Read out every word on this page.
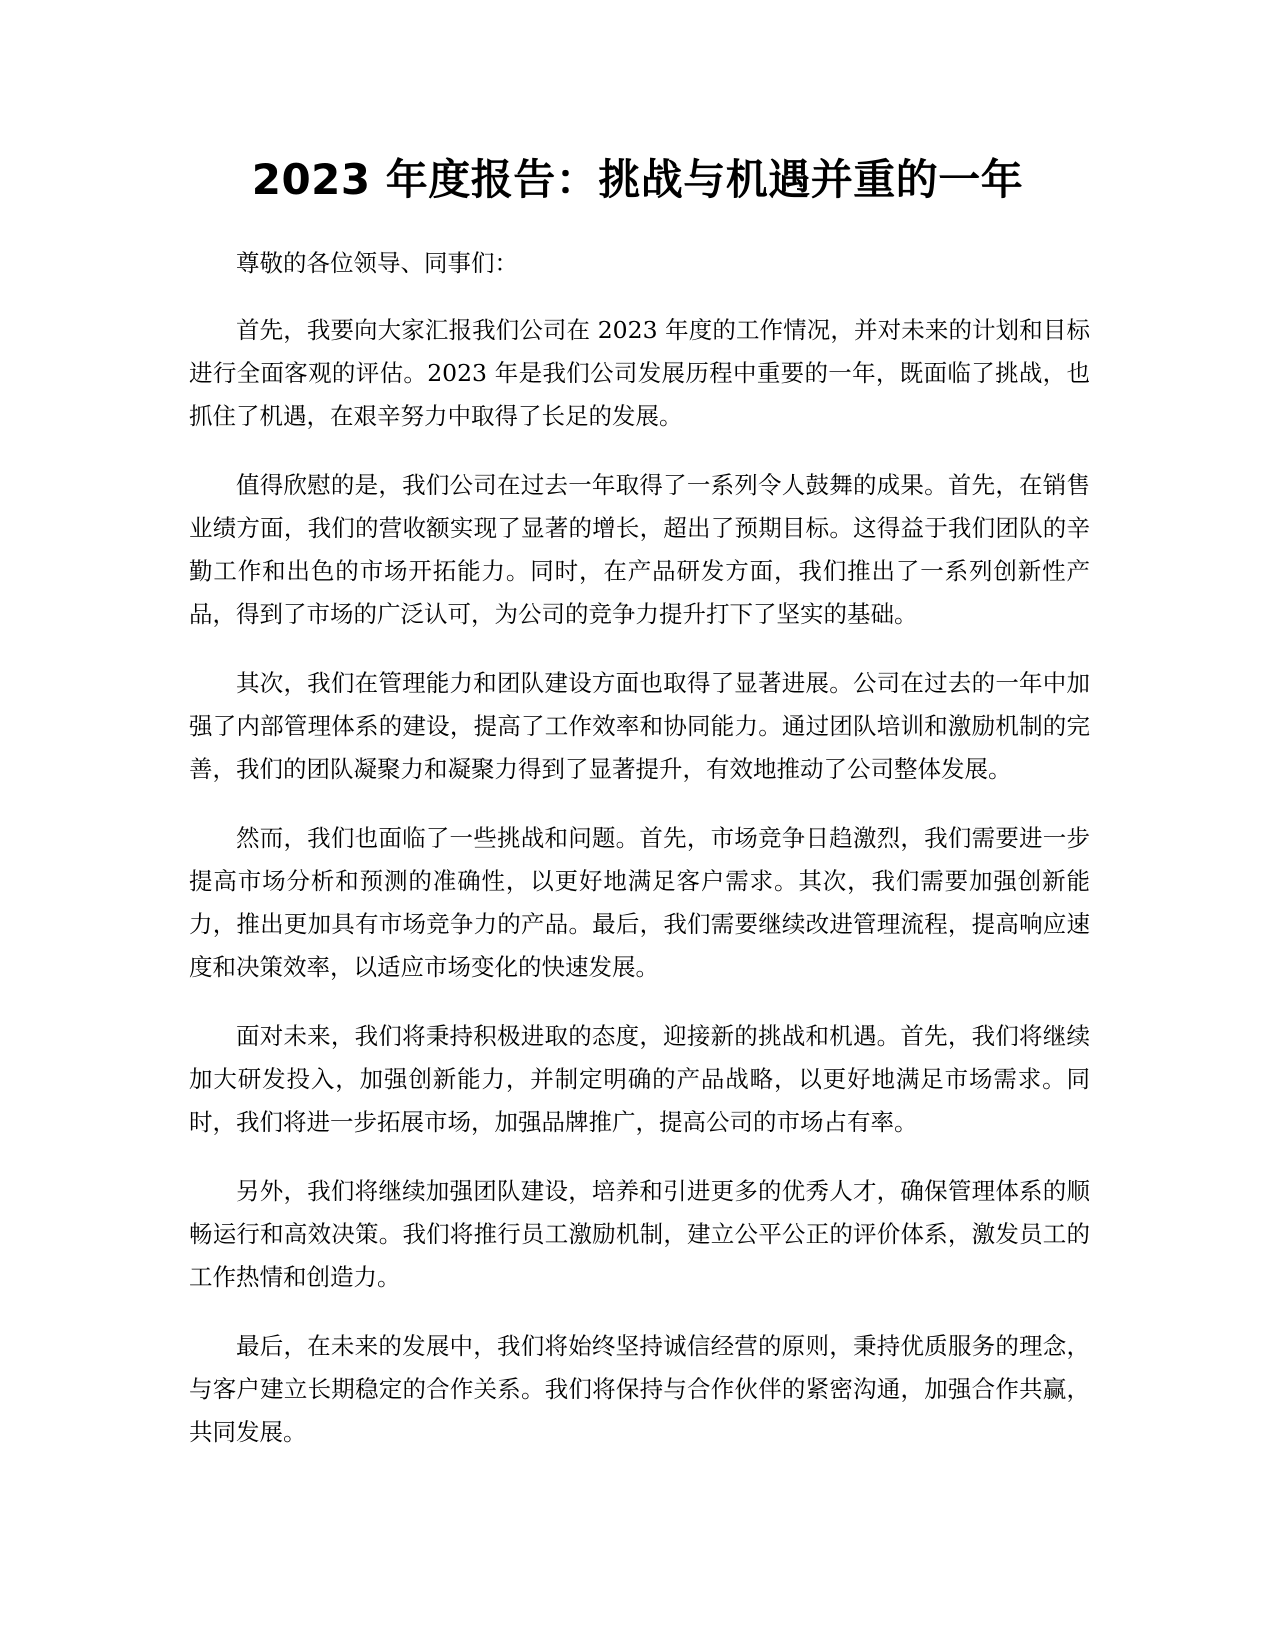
2023 年度报告：挑战与机遇并重的一年

尊敬的各位领导、同事们：

首先，我要向大家汇报我们公司在 2023 年度的工作情况，并对未来的计划和目标进行全面客观的评估。2023 年是我们公司发展历程中重要的一年，既面临了挑战，也抓住了机遇，在艰辛努力中取得了长足的发展。

值得欣慰的是，我们公司在过去一年取得了一系列令人鼓舞的成果。首先，在销售业绩方面，我们的营收额实现了显著的增长，超出了预期目标。这得益于我们团队的辛勤工作和出色的市场开拓能力。同时，在产品研发方面，我们推出了一系列创新性产品，得到了市场的广泛认可，为公司的竞争力提升打下了坚实的基础。

其次，我们在管理能力和团队建设方面也取得了显著进展。公司在过去的一年中加强了内部管理体系的建设，提高了工作效率和协同能力。通过团队培训和激励机制的完善，我们的团队凝聚力和凝聚力得到了显著提升，有效地推动了公司整体发展。

然而，我们也面临了一些挑战和问题。首先，市场竞争日趋激烈，我们需要进一步提高市场分析和预测的准确性，以更好地满足客户需求。其次，我们需要加强创新能力，推出更加具有市场竞争力的产品。最后，我们需要继续改进管理流程，提高响应速度和决策效率，以适应市场变化的快速发展。

面对未来，我们将秉持积极进取的态度，迎接新的挑战和机遇。首先，我们将继续加大研发投入，加强创新能力，并制定明确的产品战略，以更好地满足市场需求。同时，我们将进一步拓展市场，加强品牌推广，提高公司的市场占有率。

另外，我们将继续加强团队建设，培养和引进更多的优秀人才，确保管理体系的顺畅运行和高效决策。我们将推行员工激励机制，建立公平公正的评价体系，激发员工的工作热情和创造力。

最后，在未来的发展中，我们将始终坚持诚信经营的原则，秉持优质服务的理念，与客户建立长期稳定的合作关系。我们将保持与合作伙伴的紧密沟通，加强合作共赢，共同发展。
